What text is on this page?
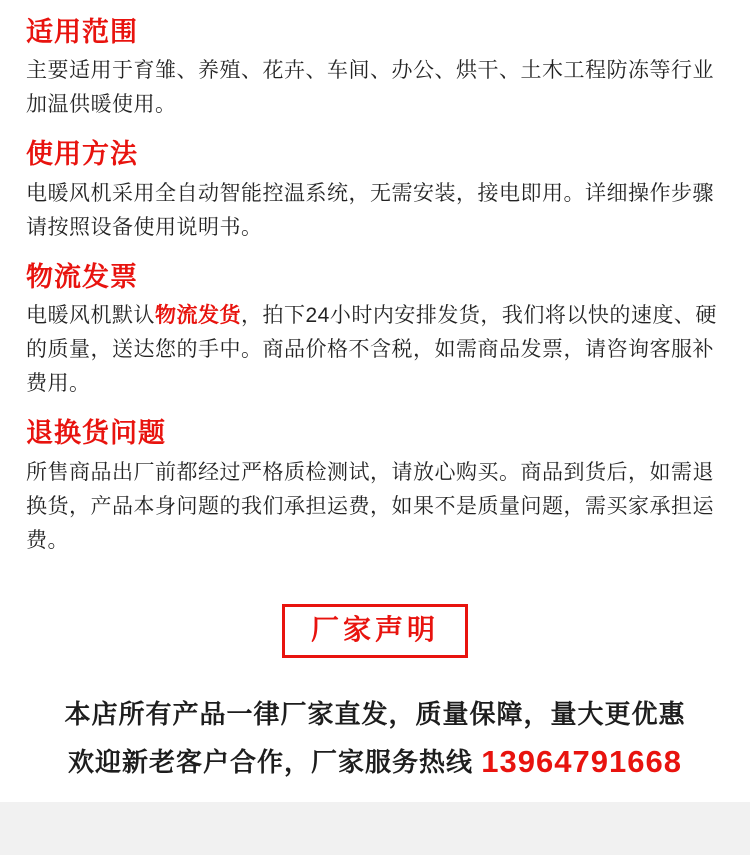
适用范围
主要适用于育雏、养殖、花卉、车间、办公、烘干、土木工程防冻等行业加温供暖使用。
使用方法
电暖风机采用全自动智能控温系统，无需安装，接电即用。详细操作步骤请按照设备使用说明书。
物流发票
电暖风机默认物流发货，拍下24小时内安排发货，我们将以快的速度、硬的质量，送达您的手中。商品价格不含税，如需商品发票，请咨询客服补费用。
退换货问题
所售商品出厂前都经过严格质检测试，请放心购买。商品到货后，如需退换货，产品本身问题的我们承担运费，如果不是质量问题，需买家承担运费。
厂家声明
本店所有产品一律厂家直发，质量保障，量大更优惠
欢迎新老客户合作，厂家服务热线 13964791668
